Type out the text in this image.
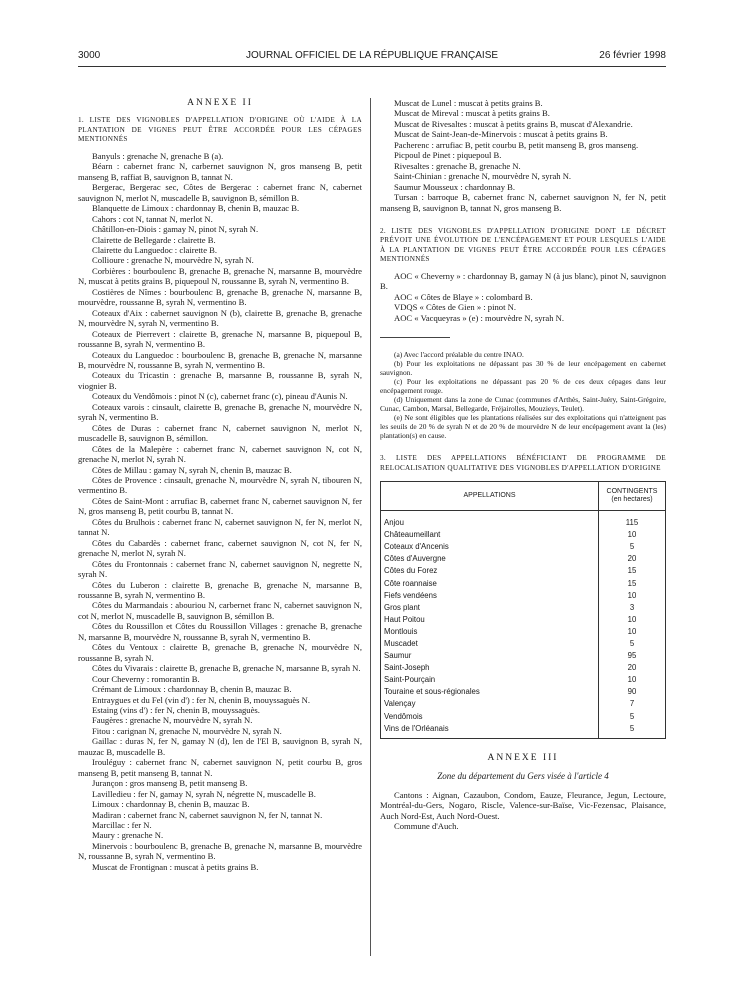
3000	JOURNAL OFFICIEL DE LA RÉPUBLIQUE FRANÇAISE	26 février 1998
ANNEXE II
1. LISTE DES VIGNOBLES D'APPELLATION D'ORIGINE OÙ L'AIDE À LA PLANTATION DE VIGNES PEUT ÊTRE ACCORDÉE POUR LES CÉPAGES MENTIONNÉS

Banyuls : grenache N, grenache B (a).

Béarn : cabernet franc N, carbernet sauvignon N, gros manseng B, petit manseng B, raffiat B, sauvignon B, tannat N.

Bergerac, Bergerac sec, Côtes de Bergerac : cabernet franc N, cabernet sauvignon N, merlot N, muscadelle B, sauvignon B, sémillon B.

Blanquette de Limoux : chardonnay B, chenin B, mauzac B.

Cahors : cot N, tannat N, merlot N.

Châtillon-en-Diois : gamay N, pinot N, syrah N.

Clairette de Bellegarde : clairette B.

Clairette du Languedoc : clairette B.

Collioure : grenache N, mourvèdre N, syrah N.

Corbières : bourboulenc B, grenache B, grenache N, marsanne B, mourvèdre N, muscat à petits grains B, piquepoul N, roussanne B, syrah N, vermentino B.

Costières de Nîmes : bourboulenc B, grenache B, grenache N, marsanne B, mourvèdre, roussanne B, syrah N, vermentino B.

Coteaux d'Aix : cabernet sauvignon N (b), clairette B, grenache B, grenache N, mourvèdre N, syrah N, vermentino B.

Coteaux de Pierrevert : clairette B, grenache N, marsanne B, piquepoul B, roussanne B, syrah N, vermentino B.

Coteaux du Languedoc : bourboulenc B, grenache B, grenache N, marsanne B, mourvèdre N, roussanne B, syrah N, vermentino B.

Coteaux du Tricastin : grenache B, marsanne B, roussanne B, syrah N, viognier B.

Coteaux du Vendômois : pinot N (c), cabernet franc (c), pineau d'Aunis N.

Coteaux varois : cinsault, clairette B, grenache B, grenache N, mourvèdre N, syrah N, vermentino B.

Côtes de Duras : cabernet franc N, cabernet sauvignon N, merlot N, muscadelle B, sauvignon B, sémillon.

Côtes de la Malepère : cabernet franc N, cabernet sauvignon N, cot N, grenache N, merlot N, syrah N.

Côtes de Millau : gamay N, syrah N, chenin B, mauzac B.

Côtes de Provence : cinsault, grenache N, mourvèdre N, syrah N, tibouren N, vermentino B.

Côtes de Saint-Mont : arrufiac B, cabernet franc N, cabernet sauvignon N, fer N, gros manseng B, petit courbu B, tannat N.

Côtes du Brulhois : cabernet franc N, cabernet sauvignon N, fer N, merlot N, tannat N.

Côtes du Cabardès : cabernet franc, cabernet sauvignon N, cot N, fer N, grenache N, merlot N, syrah N.

Côtes du Frontonnais : cabernet franc N, cabernet sauvignon N, negrette N, syrah N.

Côtes du Luberon : clairette B, grenache B, grenache N, marsanne B, roussanne B, syrah N, vermentino B.

Côtes du Marmandais : abouriou N, carbernet franc N, cabernet sauvignon N, cot N, merlot N, muscadelle B, sauvignon B, sémillon B.

Côtes du Roussillon et Côtes du Roussillon Villages : grenache B, grenache N, marsanne B, mourvèdre N, roussanne B, syrah N, vermentino B.

Côtes du Ventoux : clairette B, grenache B, grenache N, mourvèdre N, roussanne B, syrah N.

Côtes du Vivarais : clairette B, grenache B, grenache N, marsanne B, syrah N.

Cour Cheverny : romorantin B.

Crémant de Limoux : chardonnay B, chenin B, mauzac B.

Entraygues et du Fel (vin d') : fer N, chenin B, mouyssaguès N.

Estaing (vins d') : fer N, chenin B, mouyssaguès.

Faugères : grenache N, mourvèdre N, syrah N.

Fitou : carignan N, grenache N, mourvèdre N, syrah N.

Gaillac : duras N, fer N, gamay N (d), len de l'El B, sauvignon B, syrah N, mauzac B, muscadelle B.

Irouléguy : cabernet franc N, cabernet sauvignon N, petit courbu B, gros manseng B, petit manseng B, tannat N.

Jurançon : gros manseng B, petit manseng B.

Lavilledieu : fer N, gamay N, syrah N, négrette N, muscadelle B.

Limoux : chardonnay B, chenin B, mauzac B.

Madiran : cabernet franc N, cabernet sauvignon N, fer N, tannat N.

Marcillac : fer N.

Maury : grenache N.

Minervois : bourboulenc B, grenache B, grenache N, marsanne B, mourvèdre N, roussanne B, syrah N, vermentino B.

Muscat de Frontignan : muscat à petits grains B.

Muscat de Lunel : muscat à petits grains B.

Muscat de Mireval : muscat à petits grains B.

Muscat de Rivesaltes : muscat à petits grains B, muscat d'Alexandrie.

Muscat de Saint-Jean-de-Minervois : muscat à petits grains B.

Pacherenc : arrufiac B, petit courbu B, petit manseng B, gros manseng.

Picpoul de Pinet : piquepoul B.

Rivesaltes : grenache B, grenache N.

Saint-Chinian : grenache N, mourvèdre N, syrah N.

Saumur Mousseux : chardonnay B.

Tursan : barroque B, cabernet franc N, cabernet sauvignon N, fer N, petit manseng B, sauvignon B, tannat N, gros manseng B.

2. LISTE DES VIGNOBLES D'APPELLATION D'ORIGINE DONT LE DÉCRET PRÉVOIT UNE ÉVOLUTION DE L'ENCÉPAGEMENT ET POUR LESQUELS L'AIDE À LA PLANTATION DE VIGNES PEUT ÊTRE ACCORDÉE POUR LES CÉPAGES MENTIONNÉS

AOC « Cheverny » : chardonnay B, gamay N (à jus blanc), pinot N, sauvignon B.

AOC « Côtes de Blaye » : colombard B.

VDQS « Côtes de Gien » : pinot N.

AOC « Vacqueyras » (e) : mourvèdre N, syrah N.

(a) Avec l'accord préalable du centre INAO.

(b) Pour les exploitations ne dépassant pas 30 % de leur encépagement en cabernet sauvignon.

(c) Pour les exploitations ne dépassant pas 20 % de ces deux cépages dans leur encépagement rouge.

(d) Uniquement dans la zone de Cunac (communes d'Arthès, Saint-Juéry, Saint-Grégoire, Cunac, Cambon, Marsal, Bellegarde, Fréjairolles, Mouzieys, Teulet).

(e) Ne sont éligibles que les plantations réalisées sur des exploitations qui n'atteignent pas les seuils de 20 % de syrah N et de 20 % de mourvèdre N de leur encépagement avant la (les) plantation(s) en cause.

3. LISTE DES APPELLATIONS BÉNÉFICIANT DE PROGRAMME DE RELOCALISATION QUALITATIVE DES VIGNOBLES D'APPELLATION D'ORIGINE
APPELLATIONS	CONTINGENTS
(en hectares)
Anjou	115
Châteaumeillant	10
Coteaux d'Ancenis	5
Côtes d'Auvergne	20
Côtes du Forez	15
Côte roannaise	15
Fiefs vendéens	10
Gros plant	3
Haut Poitou	10
Montlouis	10
Muscadet	5
Saumur	95
Saint-Joseph	20
Saint-Pourçain	10
Touraine et sous-régionales	90
Valençay	7
Vendômois	5
Vins de l'Orléanais	5
ANNEXE III
Zone du département du Gers visée à l'article 4

Cantons : Aignan, Cazaubon, Condom, Eauze, Fleurance, Jegun, Lectoure, Montréal-du-Gers, Nogaro, Riscle, Valence-sur-Baïse, Vic-Fezensac, Plaisance, Auch Nord-Est, Auch Nord-Ouest.

Commune d'Auch.
